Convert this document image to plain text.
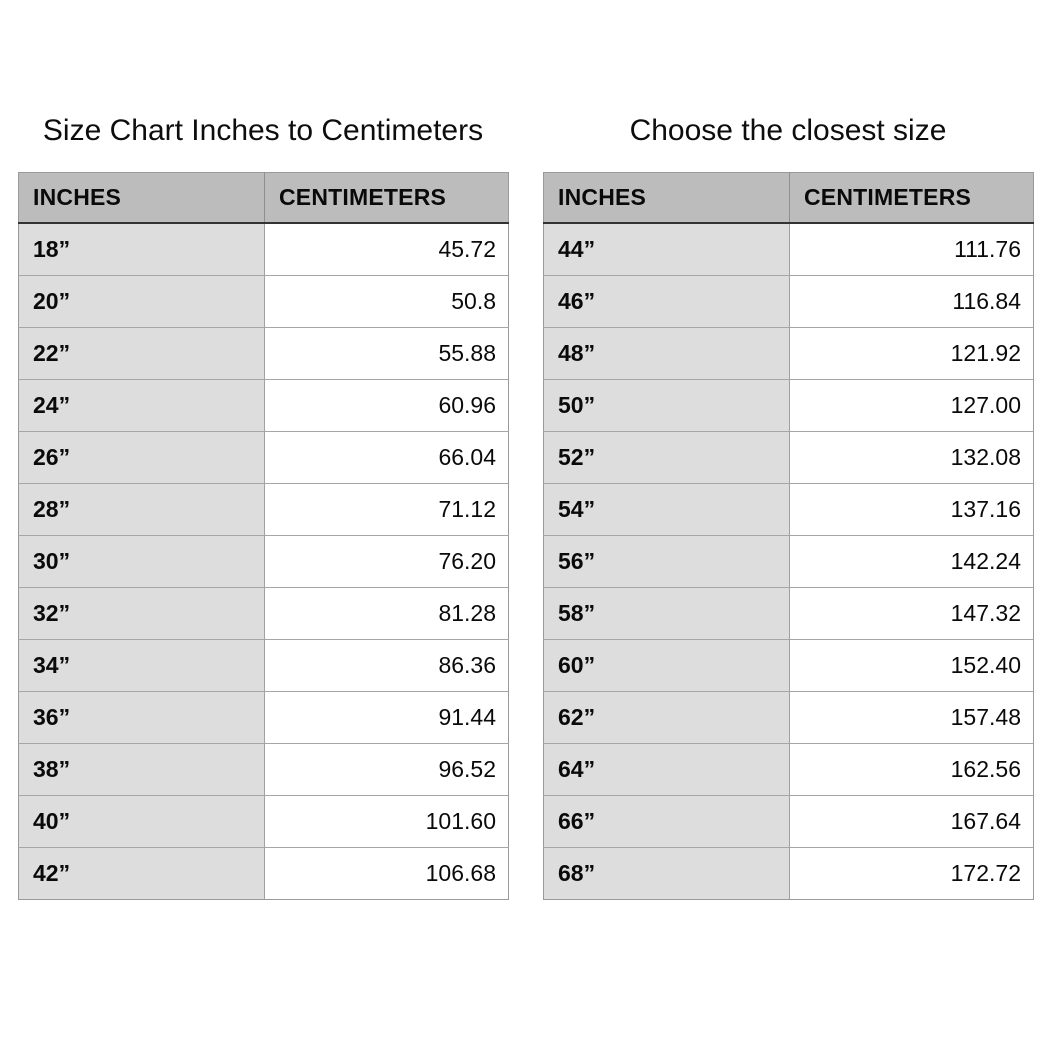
Size Chart Inches to Centimeters
INCHES	CENTIMETERS
18”	45.72
20”	50.8
22”	55.88
24”	60.96
26”	66.04
28”	71.12
30”	76.20
32”	81.28
34”	86.36
36”	91.44
38”	96.52
40”	101.60
42”	106.68
Choose the closest size
INCHES	CENTIMETERS
44”	111.76
46”	116.84
48”	121.92
50”	127.00
52”	132.08
54”	137.16
56”	142.24
58”	147.32
60”	152.40
62”	157.48
64”	162.56
66”	167.64
68”	172.72
